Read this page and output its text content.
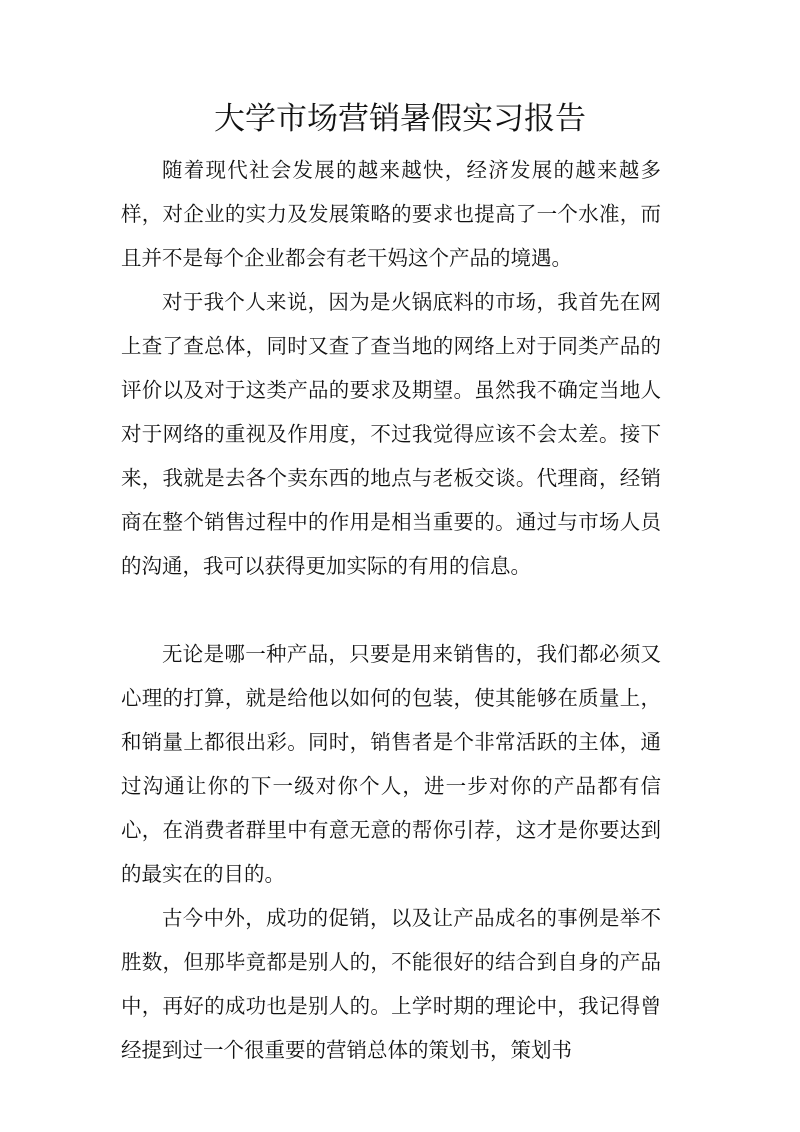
大学市场营销暑假实习报告

随着现代社会发展的越来越快，经济发展的越来越多样，对企业的实力及发展策略的要求也提高了一个水准，而且并不是每个企业都会有老干妈这个产品的境遇。

对于我个人来说，因为是火锅底料的市场，我首先在网上查了查总体，同时又查了查当地的网络上对于同类产品的评价以及对于这类产品的要求及期望。虽然我不确定当地人对于网络的重视及作用度，不过我觉得应该不会太差。接下来，我就是去各个卖东西的地点与老板交谈。代理商，经销商在整个销售过程中的作用是相当重要的。通过与市场人员的沟通，我可以获得更加实际的有用的信息。

无论是哪一种产品，只要是用来销售的，我们都必须又心理的打算，就是给他以如何的包装，使其能够在质量上，和销量上都很出彩。同时，销售者是个非常活跃的主体，通过沟通让你的下一级对你个人，进一步对你的产品都有信心，在消费者群里中有意无意的帮你引荐，这才是你要达到的最实在的目的。

古今中外，成功的促销，以及让产品成名的事例是举不胜数，但那毕竟都是别人的，不能很好的结合到自身的产品中，再好的成功也是别人的。上学时期的理论中，我记得曾经提到过一个很重要的营销总体的策划书，策划书
